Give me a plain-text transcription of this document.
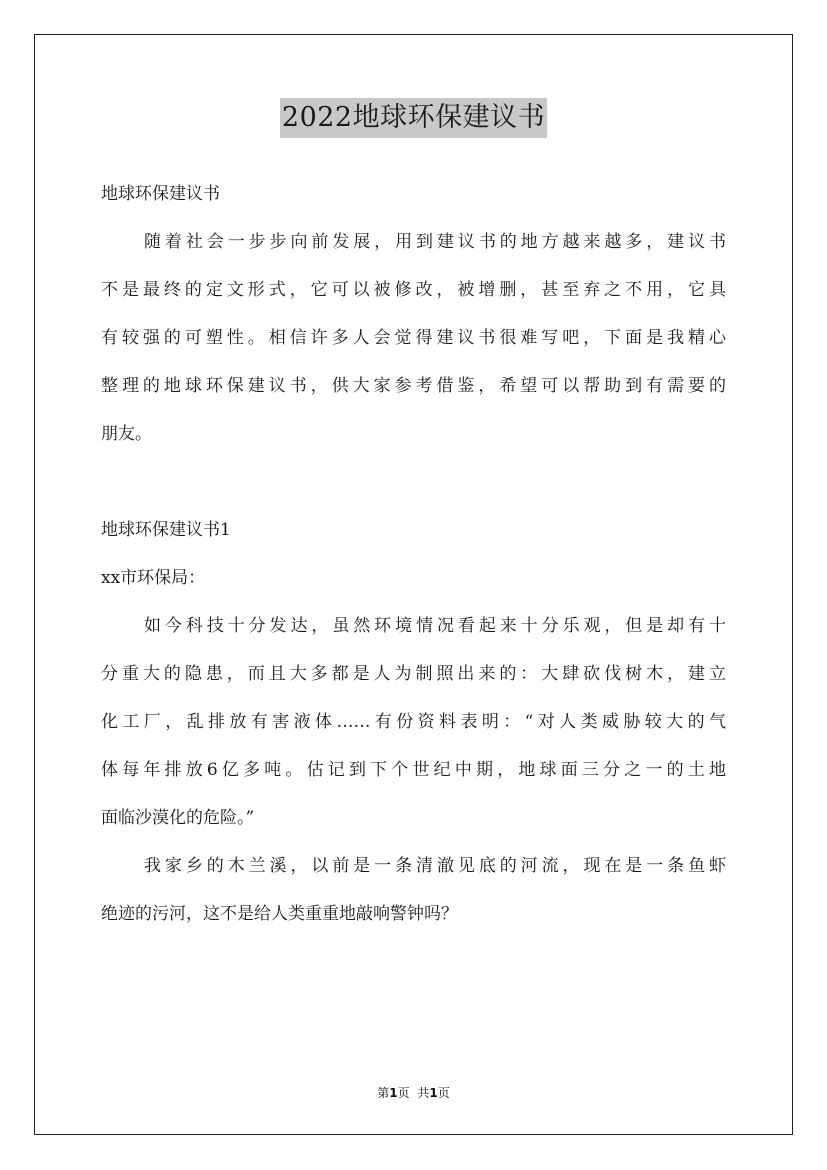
2022地球环保建议书
地球环保建议书
随着社会一步步向前发展，用到建议书的地方越来越多，建议书
不是最终的定文形式，它可以被修改，被增删，甚至弃之不用，它具
有较强的可塑性。相信许多人会觉得建议书很难写吧，下面是我精心
整理的地球环保建议书，供大家参考借鉴，希望可以帮助到有需要的
朋友。
地球环保建议书1
xx市环保局：
如今科技十分发达，虽然环境情况看起来十分乐观，但是却有十
分重大的隐患，而且大多都是人为制照出来的：大肆砍伐树木，建立
化工厂，乱排放有害液体……有份资料表明：“对人类威胁较大的气
体每年排放6亿多吨。估记到下个世纪中期，地球面三分之一的土地
面临沙漠化的危险。”
我家乡的木兰溪，以前是一条清澈见底的河流，现在是一条鱼虾
绝迹的污河，这不是给人类重重地敲响警钟吗？
第1页 共1页
